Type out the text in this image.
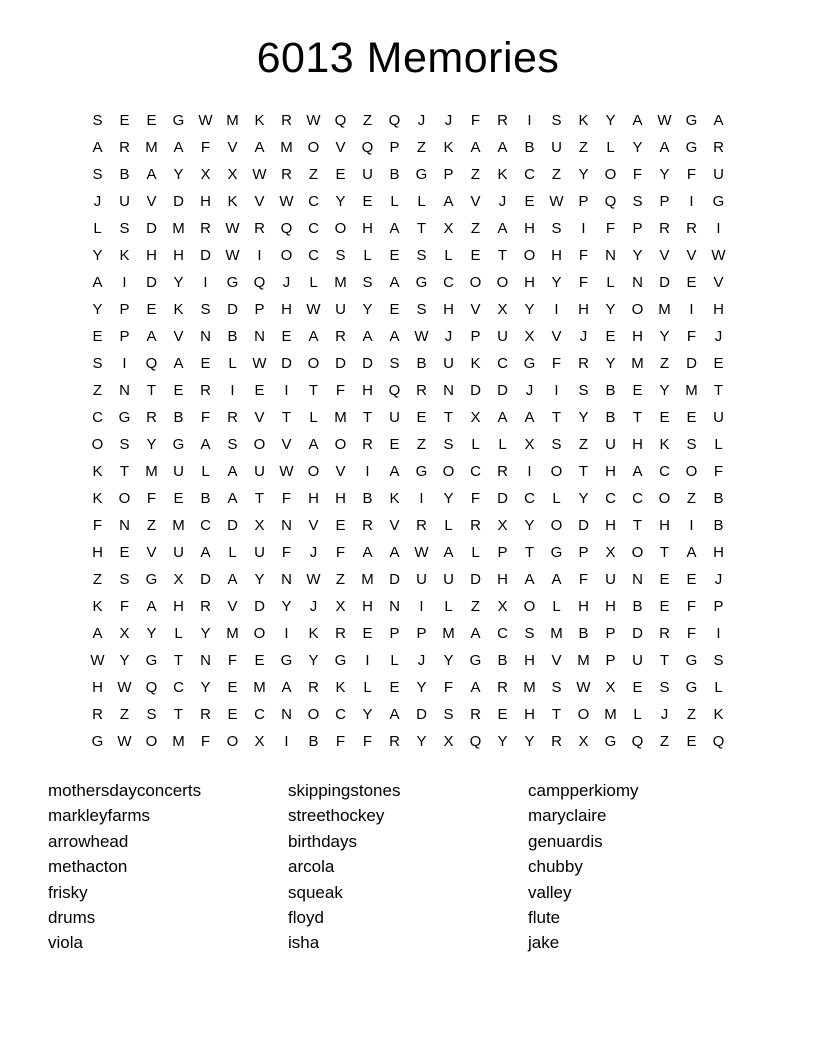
6013 Memories
S	E	E	G W M	K	R W Q	Z	Q	J	J	F	R	I	S	K	Y	A W G	A
A	R	M	A	F	V	A	M O	V	Q	P	Z	K	A	A	B	U	Z	L	Y	A	G	R
S	B	A	Y	X	X W R	Z	E	U	B	G	P	Z	K	C	Z	Y	O	F	Y	F	U
J	U	V	D	H	K	V W C	Y	E	L	L	A	V	J	E W P	Q	S	P	I	G
L	S	D	M	R W R	Q	C	O	H	A	T	X	Z	A	H	S	I	F	P	R	R	I
Y	K	H	H	D W	I	O	C	S	L	E	S	L	E	T	O	H	F	N	Y	V	V W
A	I	D	Y	I	G	Q	J	L	M	S	A	G	C	O	O	H	Y	F	L	N	D	E	V
Y	P	E	K	S	D	P	H W U	Y	E	S	H	V	X	Y	I	H	Y	O M	I	H
E	P	A	V	N	B	N	E	A	R	A	A W	J	P	U	X	V	J	E	H	Y	F	J
S	I	Q	A	E	L	W D	O	D	D	S	B	U	K	C	G	F	R	Y	M	Z	D	E
Z	N	T	E	R	I	E	I	T	F	H	Q	R	N	D	D	J	I	S	B	E	Y	M	T
C	G	R	B	F	R	V	T	L	M	T	U	E	T	X	A	A	T	Y	B	T	E	E	U
O	S	Y	G	A	S	O	V	A	O	R	E	Z	S	L	L	X	S	Z	U	H	K	S	L
K	T	M	U	L	A	U W O	V	I	A	G	O	C	R	I	O	T	H	A	C	O	F
K	O	F	E	B	A	T	F	H	H	B	K	I	Y	F	D	C	L	Y	C	C	O	Z	B
F	N	Z	M	C	D	X	N	V	E	R	V	R	L	R	X	Y	O	D	H	T	H	I	B
H	E	V	U	A	L	U	F	J	F	A	A W A	L	P	T	G	P	X	O	T	A	H
Z	S	G	X	D	A	Y	N W	Z	M	D	U	U	D	H	A	A	F	U	N	E	E	J
K	F	A	H	R	V	D	Y	J	X	H	N	I	L	Z	X	O	L	H	H	B	E	F	P
A	X	Y	L	Y	M O	I	K	R	E	P	P	M	A	C	S	M	B	P	D	R	F	I
W Y	G	T	N	F	E	G	Y	G	I	L	J	Y	G	B	H	V	M	P	U	T	G	S
H W Q	C	Y	E	M	A	R	K	L	E	Y	F	A	R	M	S W X	E	S	G	L
R	Z	S	T	R	E	C	N	O	C	Y	A	D	S	R	E	H	T	O M	L	J	Z	K
G W O M	F	O	X	I	B	F	F	R	Y	X	Q	Y	Y	R	X	G	Q	Z	E	Q
mothersdayconcerts
markleyfarms
arrowhead
methacton
frisky
drums
viola
skippingstones
streethockey
birthdays
arcola
squeak
floyd
isha
campperkiomy
maryclaire
genuardis
chubby
valley
flute
jake
